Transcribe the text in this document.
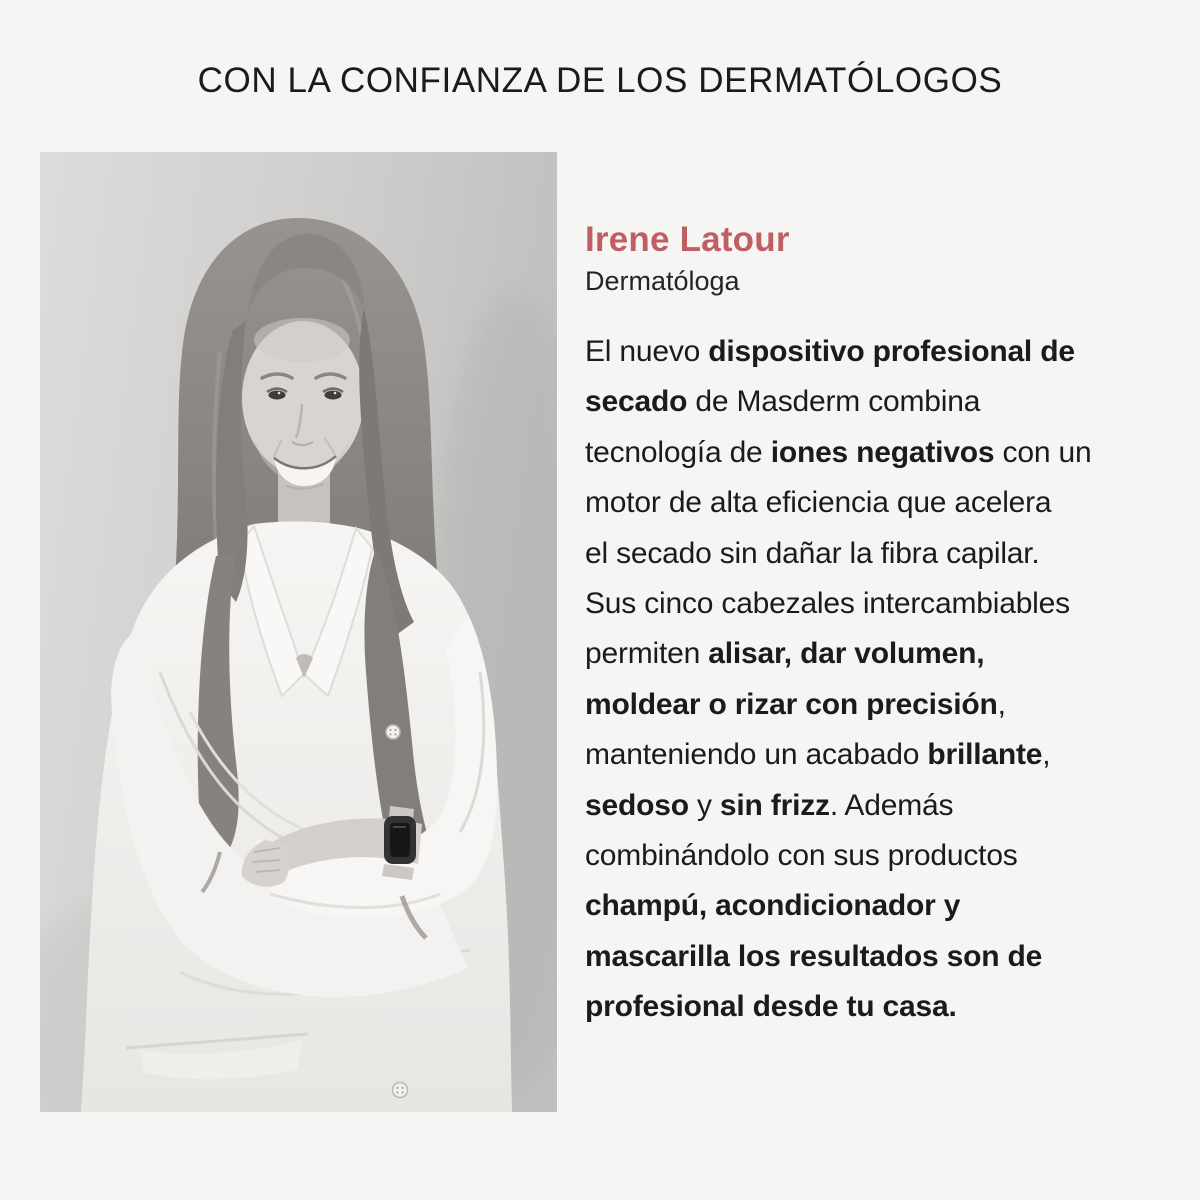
CON LA CONFIANZA DE LOS DERMATÓLOGOS
Irene Latour
Dermatóloga
El nuevo dispositivo profesional de
secado de Masderm combina
tecnología de iones negativos con un
motor de alta eficiencia que acelera
el secado sin dañar la fibra capilar.
Sus cinco cabezales intercambiables
permiten alisar, dar volumen,
moldear o rizar con precisión,
manteniendo un acabado brillante,
sedoso y sin frizz. Además
combinándolo con sus productos
champú, acondicionador y
mascarilla los resultados son de
profesional desde tu casa.
